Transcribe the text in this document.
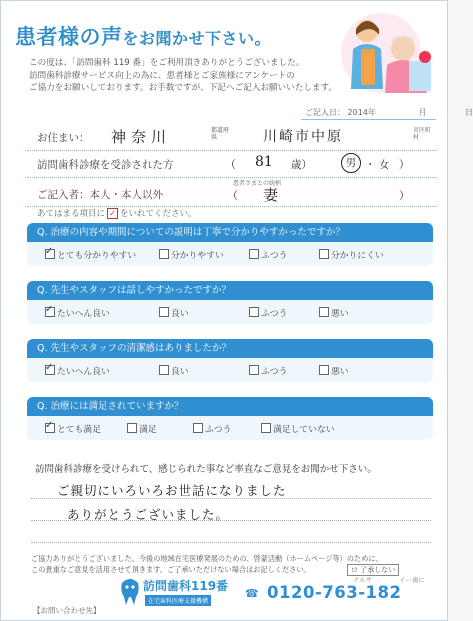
患者様の声をお聞かせ下さい。
この度は、「訪問歯科 119 番」をご利用頂きありがとうございました。
訪問歯科診療サービス向上の為に、患者様とご家族様にアンケートの
ご協力をお願いしております。お手数ですが、下記へご記入お願いいたします。
ご記入日： 2014年	月	日
お住まい： 神奈川	都道府県	川崎市中原	市区町村
訪問歯科診療を受診された方	（ 81 歳）	男 ・ 女 ）
ご記入者：本人・本人以外
患者さまとの続柄
（ 妻	）
あてはまる項目に ✓ をいれてください。
Q. 治療の内容や期間についての説明は丁寧で分かりやすかったですか？
✓とても分かりやすい	分かりやすい	ふつう	分かりにくい
Q. 先生やスタッフは話しやすかったですか？
✓たいへん良い	良い	ふつう	悪い
Q. 先生やスタッフの清潔感はありましたか？
✓たいへん良い	良い	ふつう	悪い
Q. 治療には満足されていますか？
✓とても満足	満足	ふつう	満足していない
訪問歯科診療を受けられて、感じられた事など率直なご意見をお聞かせ下さい。
ご親切にいろいろお世話になりました
ありがとうございました。
ご協力ありがとうございました。今後の地域在宅医療発展のための、啓蒙活動（ホームページ等）のために、
この貴重なご意見を活用させて頂きます。ご了承いただけない場合はお記しください。	ロ 了承しない
【お問い合わせ先】
訪問歯科119番
在宅歯科医療支援機構
☎ 0120-763-182
ナルサ	イー歯に
